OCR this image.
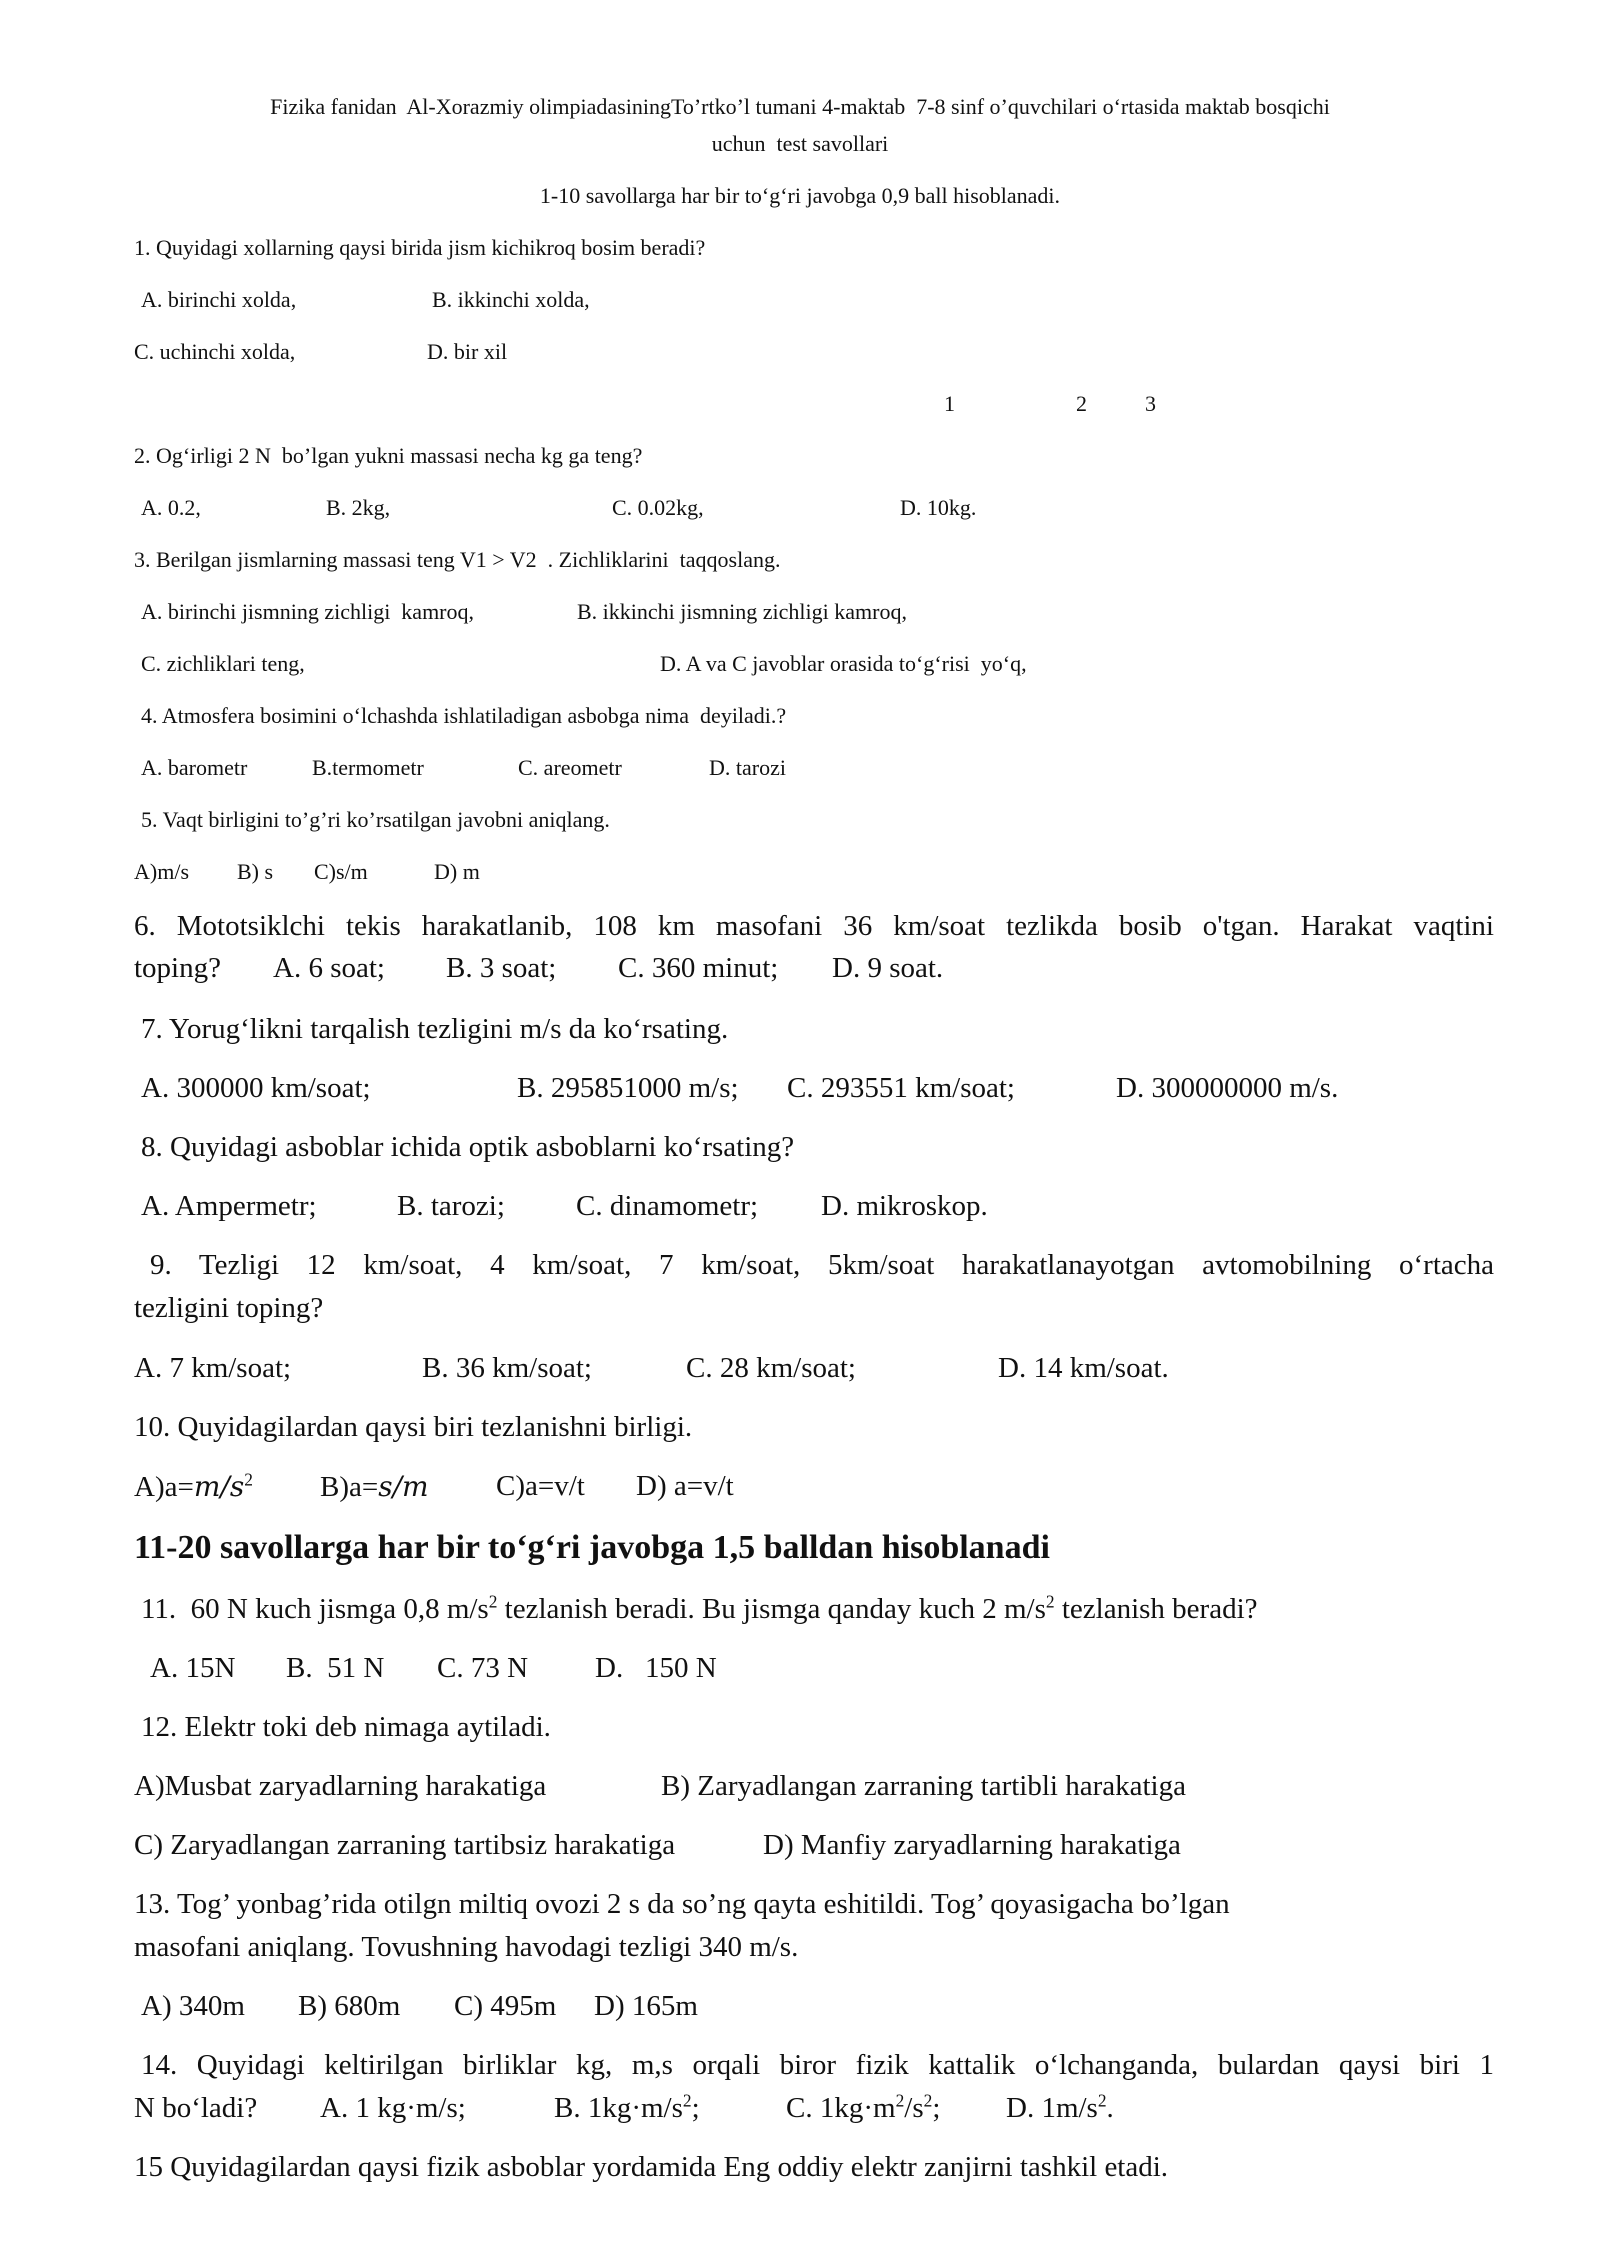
Fizika fanidan  Al-Xorazmiy olimpiadasiningTo’rtko’l tumani 4-maktab  7-8 sinf o’quvchilari o‘rtasida maktab bosqichi
uchun  test savollari
1-10 savollarga har bir to‘g‘ri javobga 0,9 ball hisoblanadi.
1. Quyidagi xollarning qaysi birida jism kichikroq bosim beradi?
A. birinchi xolda,	B. ikkinchi xolda,
C. uchinchi xolda,	D. bir xil
1	2	3
2. Og‘irligi 2 N  bo’lgan yukni massasi necha kg ga teng?
A. 0.2,	B. 2kg,	C. 0.02kg,	D. 10kg.
3. Berilgan jismlarning massasi teng V1 > V2  . Zichliklarini  taqqoslang.
A. birinchi jismning zichligi  kamroq,	B. ikkinchi jismning zichligi kamroq,
C. zichliklari teng,	D. A va C javoblar orasida to‘g‘risi  yo‘q,
4. Atmosfera bosimini o‘lchashda ishlatiladigan asbobga nima  deyiladi.?
A. barometr	B.termometr	C. areometr	D. tarozi
5. Vaqt birligini to’g’ri ko’rsatilgan javobni aniqlang.
A)m/s B) s C)s/m	D) m
6. Mototsiklchi tekis harakatlanib, 108 km masofani 36 km/soat tezlikda bosib o'tgan. Harakat vaqtini
toping? A. 6 soat; B. 3 soat; C. 360 minut; D. 9 soat.
7. Yorug‘likni tarqalish tezligini m/s da ko‘rsating.
A. 300000 km/soat;	B. 295851000 m/s; C. 293551 km/soat;	D. 300000000 m/s.
8. Quyidagi asboblar ichida optik asboblarni ko‘rsating?
A. Ampermetr;	B. tarozi; C. dinamometr; D. mikroskop.
9. Tezligi 12 km/soat, 4 km/soat, 7 km/soat, 5km/soat harakatlanayotgan avtomobilning o‘rtacha
tezligini toping?
A. 7 km/soat;	B. 36 km/soat;	C. 28 km/soat;	D. 14 km/soat.
10. Quyidagilardan qaysi biri tezlanishni birligi.
$A)a=m/s^2$ B)a=s/m C)a=v/t D) a=v/t
11-20 savollarga har bir to‘g‘ri javobga 1,5 balldan hisoblanadi
11.  60 N kuch jismga 0,8 $m/s^2$ tezlanish beradi. Bu jismga qanday kuch 2 $m/s^2$ tezlanish beradi?
A. 15N B.  51 N C. 73 N D.   150 N
12. Elektr toki deb nimaga aytiladi.
A)Musbat zaryadlarning harakatiga	B) Zaryadlangan zarraning tartibli harakatiga
C) Zaryadlangan zarraning tartibsiz harakatiga	D) Manfiy zaryadlarning harakatiga
13. Tog’ yonbag’rida otilgn miltiq ovozi 2 s da so’ng qayta eshitildi. Tog’ qoyasigacha bo’lgan
masofani aniqlang. Tovushning havodagi tezligi 340 m/s.
A) 340m B) 680m C) 495m D) 165m
14. Quyidagi keltirilgan birliklar kg, m,s orqali biror fizik kattalik o‘lchanganda, bulardan qaysi biri 1
N bo‘ladi? A. 1 kg·m/s;	B. $1kg\cdot m/s^2$;	C. $1kg\cdot m^2/s^2$; D. $1m/s^2$.
15 Quyidagilardan qaysi fizik asboblar yordamida Eng oddiy elektr zanjirni tashkil etadi.
